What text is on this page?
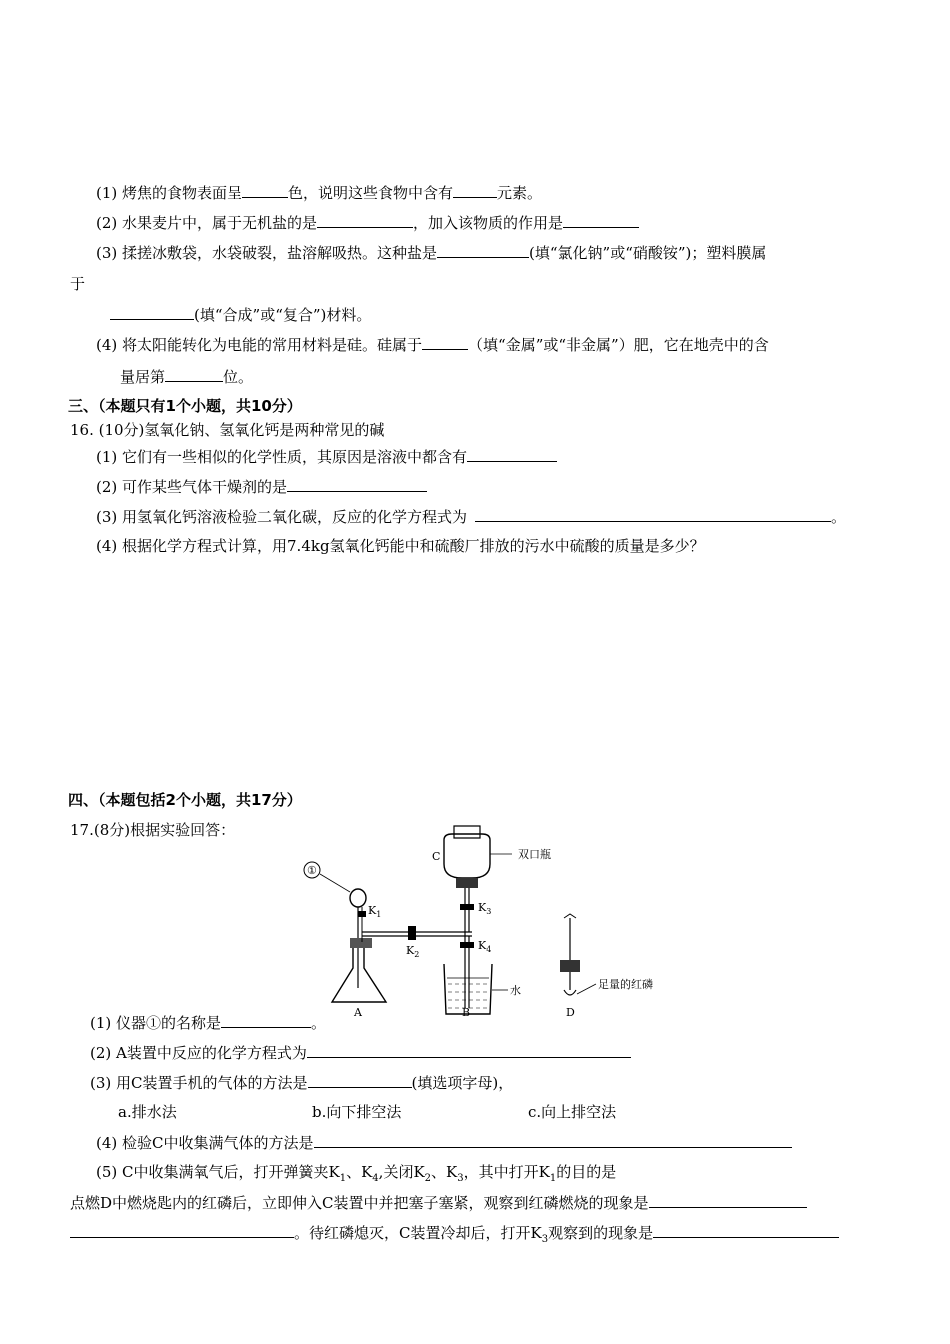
(1) 烤焦的食物表面呈	色，说明这些食物中含有	元素。
(2) 水果麦片中，属于无机盐的是	，加入该物质的作用是
(3) 揉搓冰敷袋，水袋破裂，盐溶解吸热。这种盐是	(填“氯化钠”或“硝酸铵”)；塑料膜属
于
(填“合成”或“复合”)材料。
(4) 将太阳能转化为电能的常用材料是硅。硅属于	（填“金属”或“非金属”）肥，它在地壳中的含
量居第	位。
三、（本题只有1个小题，共10分）
16. (10分)氢氧化钠、氢氧化钙是两种常见的碱
(1) 它们有一些相似的化学性质，其原因是溶液中都含有
(2) 可作某些气体干燥剂的是
(3) 用氢氧化钙溶液检验二氧化碳，反应的化学方程式为	。
(4) 根据化学方程式计算，用7.4kg氢氧化钙能中和硫酸厂排放的污水中硫酸的质量是多少？
四、（本题包括2个小题，共17分）
17.(8分)根据实验回答：
①
$K_1$
$K_2$
C	双口瓶
$K_3$
$K_4$
水	足量的红磷
A	B	D
(1) 仪器①的名称是	。
(2) A装置中反应的化学方程式为
(3) 用C装置手机的气体的方法是	(填选项字母)，
a.排水法	b.向下排空法	c.向上排空法
(4) 检验C中收集满气体的方法是
(5) C中收集满氧气后，打开弹簧夹$K_1$、$K_4$,关闭$K_2$、$K_3$，其中打开$K_1$的目的是
点燃D中燃烧匙内的红磷后，立即伸入C装置中并把塞子塞紧，观察到红磷燃烧的现象是
。待红磷熄灭，C装置冷却后，打开$K_3$观察到的现象是
